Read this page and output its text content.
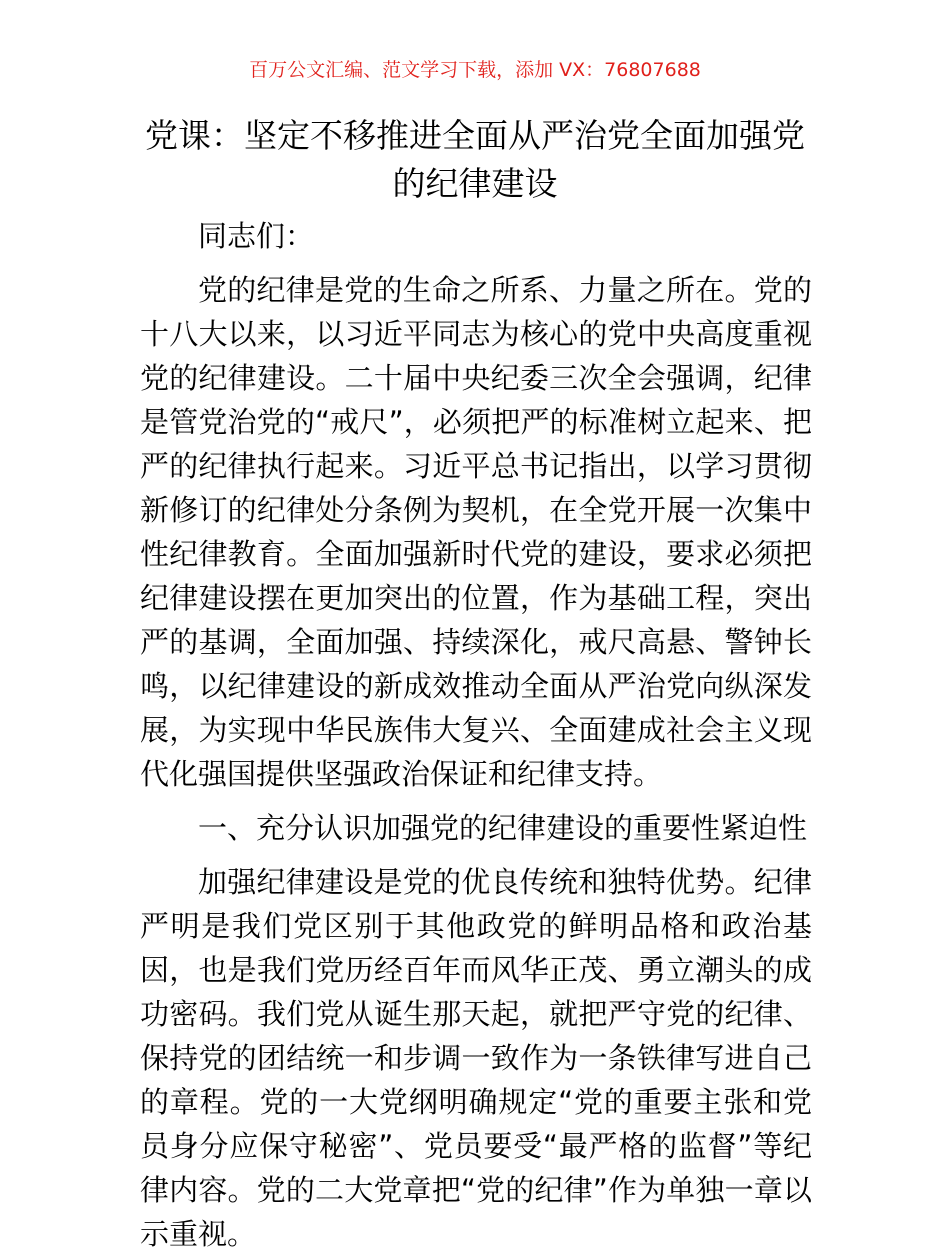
百万公文汇编、范文学习下载，添加 VX：76807688
党课：坚定不移推进全面从严治党全面加强党的纪律建设

同志们：

党的纪律是党的生命之所系、力量之所在。党的十八大以来，以习近平同志为核心的党中央高度重视党的纪律建设。二十届中央纪委三次全会强调，纪律是管党治党的“戒尺”，必须把严的标准树立起来、把严的纪律执行起来。习近平总书记指出，以学习贯彻新修订的纪律处分条例为契机，在全党开展一次集中性纪律教育。全面加强新时代党的建设，要求必须把纪律建设摆在更加突出的位置，作为基础工程，突出严的基调，全面加强、持续深化，戒尺高悬、警钟长鸣，以纪律建设的新成效推动全面从严治党向纵深发展，为实现中华民族伟大复兴、全面建成社会主义现代化强国提供坚强政治保证和纪律支持。

一、充分认识加强党的纪律建设的重要性紧迫性

加强纪律建设是党的优良传统和独特优势。纪律严明是我们党区别于其他政党的鲜明品格和政治基因，也是我们党历经百年而风华正茂、勇立潮头的成功密码。我们党从诞生那天起，就把严守党的纪律、保持党的团结统一和步调一致作为一条铁律写进自己的章程。党的一大党纲明确规定“党的重要主张和党员身分应保守秘密”、党员要受“最严格的监督”等纪律内容。党的二大党章把“党的纪律”作为单独一章以示重视。
